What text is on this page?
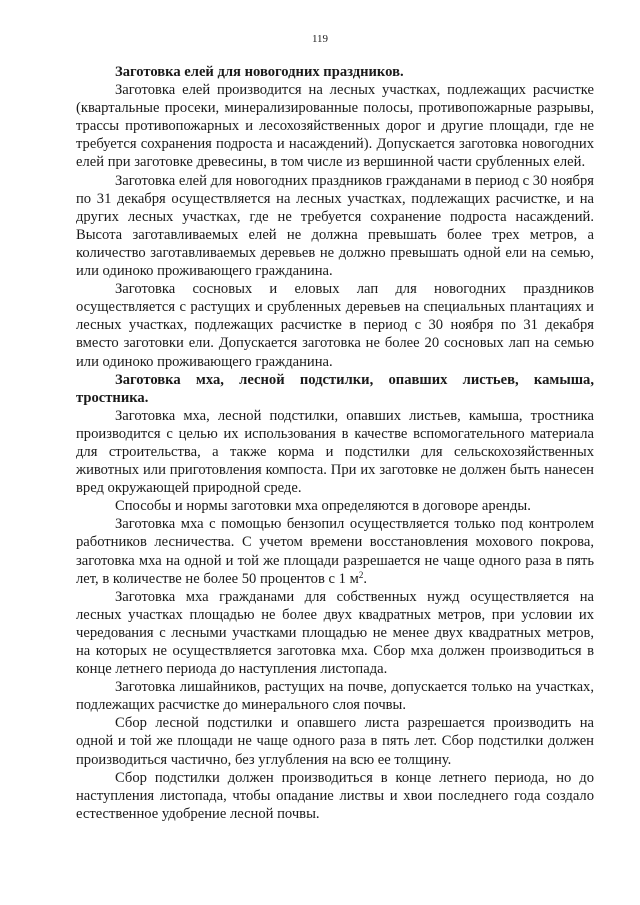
119

Заготовка елей для новогодних праздников.

Заготовка елей производится на лесных участках, подлежащих расчистке (квартальные просеки, минерализированные полосы, противопожарные разрывы, трассы противопожарных и лесохозяйственных дорог и другие площади, где не требуется сохранения подроста и насаждений). Допускается заготовка новогодних елей при заготовке древесины, в том числе из вершинной части срубленных елей.

Заготовка елей для новогодних праздников гражданами в период с 30 ноября по 31 декабря осуществляется на лесных участках, подлежащих расчистке, и на других лесных участках, где не требуется сохранение подроста насаждений. Высота заготавливаемых елей не должна превышать более трех метров, а количество заготавливаемых деревьев не должно превышать одной ели на семью, или одиноко проживающего гражданина.

Заготовка сосновых и еловых лап для новогодних праздников осуществляется с растущих и срубленных деревьев на специальных плантациях и лесных участках, подлежащих расчистке в период с 30 ноября по 31 декабря вместо заготовки ели. Допускается заготовка не более 20 сосновых лап на семью или одиноко проживающего гражданина.

Заготовка мха, лесной подстилки, опавших листьев, камыша, тростника.

Заготовка мха, лесной подстилки, опавших листьев, камыша, тростника производится с целью их использования в качестве вспомогательного материала для строительства, а также корма и подстилки для сельскохозяйственных животных или приготовления компоста. При их заготовке не должен быть нанесен вред окружающей природной среде.

Способы и нормы заготовки мха определяются в договоре аренды.

Заготовка мха с помощью бензопил осуществляется только под контролем работников лесничества. С учетом времени восстановления мохового покрова, заготовка мха на одной и той же площади разрешается не чаще одного раза в пять лет, в количестве не более 50 процентов с 1 $м^2$.

Заготовка мха гражданами для собственных нужд осуществляется на лесных участках площадью не более двух квадратных метров, при условии их чередования с лесными участками площадью не менее двух квадратных метров, на которых не осуществляется заготовка мха. Сбор мха должен производиться в конце летнего периода до наступления листопада.

Заготовка лишайников, растущих на почве, допускается только на участках, подлежащих расчистке до минерального слоя почвы.

Сбор лесной подстилки и опавшего листа разрешается производить на одной и той же площади не чаще одного раза в пять лет. Сбор подстилки должен производиться частично, без углубления на всю ее толщину.

Сбор подстилки должен производиться в конце летнего периода, но до наступления листопада, чтобы опадание листвы и хвои последнего года создало естественное удобрение лесной почвы.
